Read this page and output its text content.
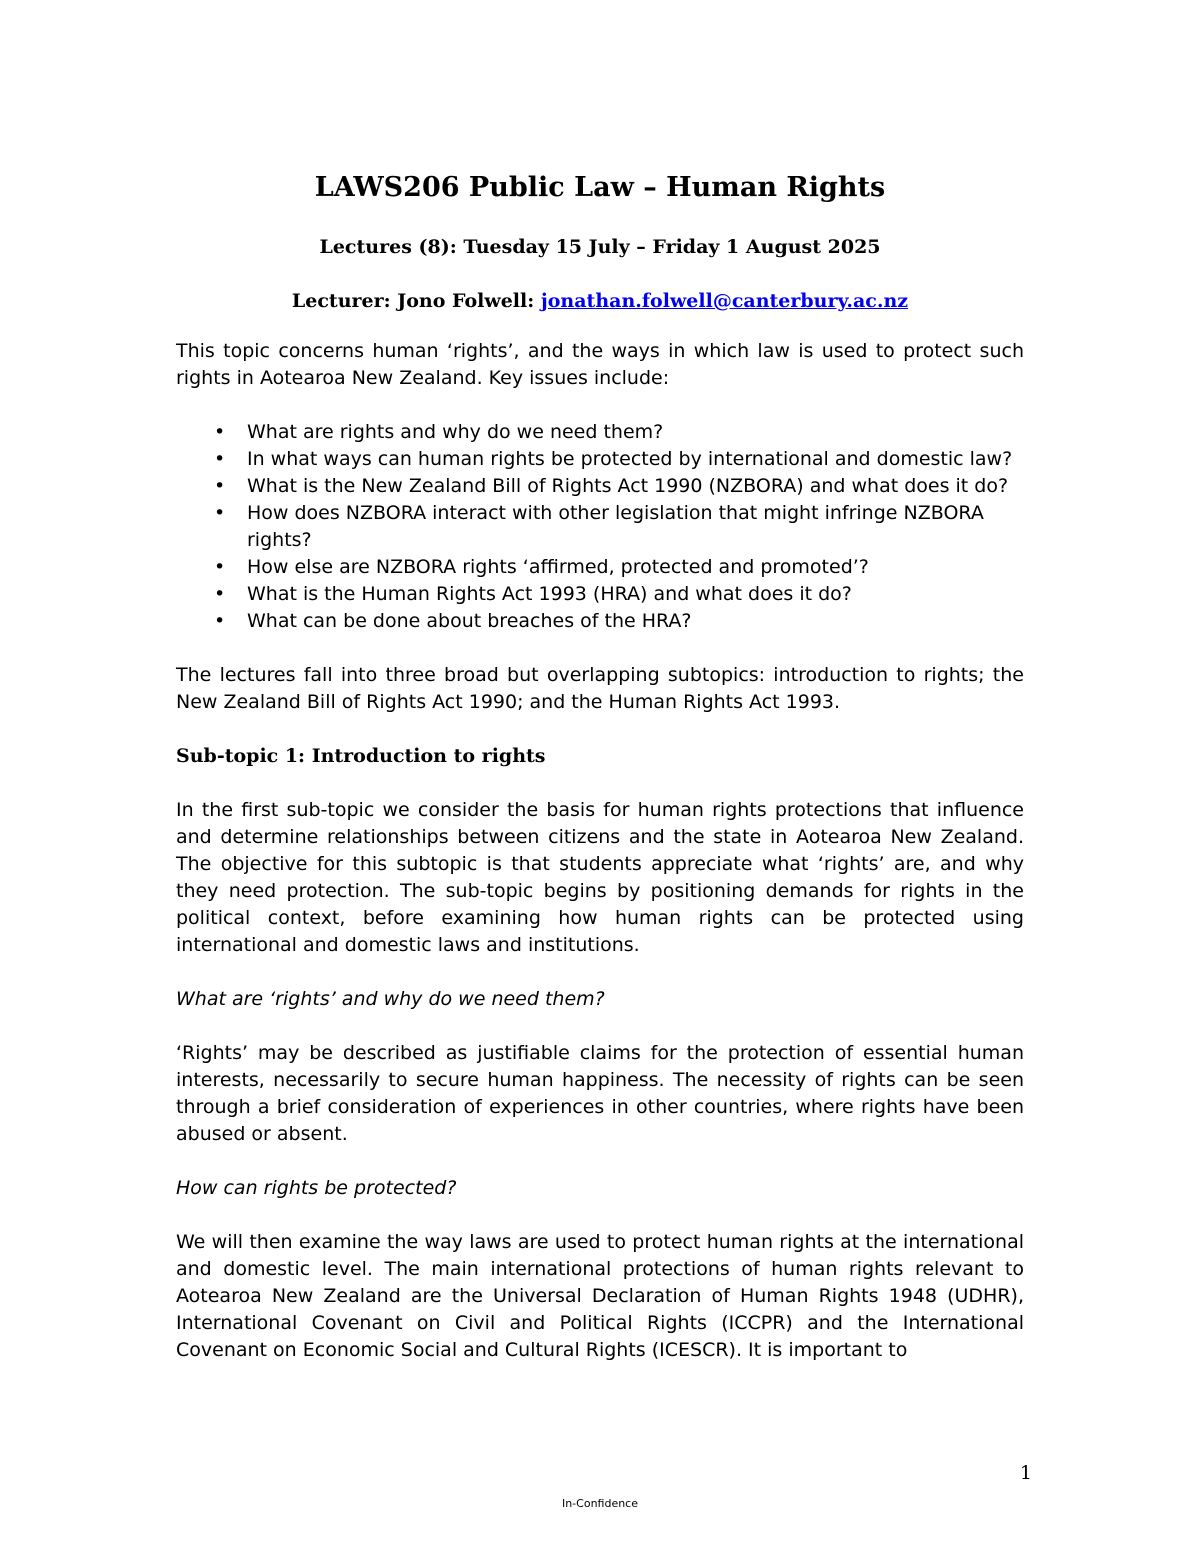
LAWS206 Public Law – Human Rights

Lectures (8): Tuesday 15 July – Friday 1 August 2025

Lecturer: Jono Folwell: jonathan.folwell@canterbury.ac.nz

This topic concerns human ‘rights’, and the ways in which law is used to protect such rights in Aotearoa New Zealand. Key issues include:

• What are rights and why do we need them?
• In what ways can human rights be protected by international and domestic law?
• What is the New Zealand Bill of Rights Act 1990 (NZBORA) and what does it do?
• How does NZBORA interact with other legislation that might infringe NZBORA rights?
• How else are NZBORA rights ‘affirmed, protected and promoted’?
• What is the Human Rights Act 1993 (HRA) and what does it do?
• What can be done about breaches of the HRA?

The lectures fall into three broad but overlapping subtopics: introduction to rights; the New Zealand Bill of Rights Act 1990; and the Human Rights Act 1993.

Sub-topic 1: Introduction to rights

In the first sub-topic we consider the basis for human rights protections that influence and determine relationships between citizens and the state in Aotearoa New Zealand. The objective for this subtopic is that students appreciate what ‘rights’ are, and why they need protection. The sub-topic begins by positioning demands for rights in the political context, before examining how human rights can be protected using international and domestic laws and institutions.

What are ‘rights’ and why do we need them?

‘Rights’ may be described as justifiable claims for the protection of essential human interests, necessarily to secure human happiness. The necessity of rights can be seen through a brief consideration of experiences in other countries, where rights have been abused or absent.

How can rights be protected?

We will then examine the way laws are used to protect human rights at the international and domestic level. The main international protections of human rights relevant to Aotearoa New Zealand are the Universal Declaration of Human Rights 1948 (UDHR), International Covenant on Civil and Political Rights (ICCPR) and the International Covenant on Economic Social and Cultural Rights (ICESCR). It is important to

1
In-Confidence
